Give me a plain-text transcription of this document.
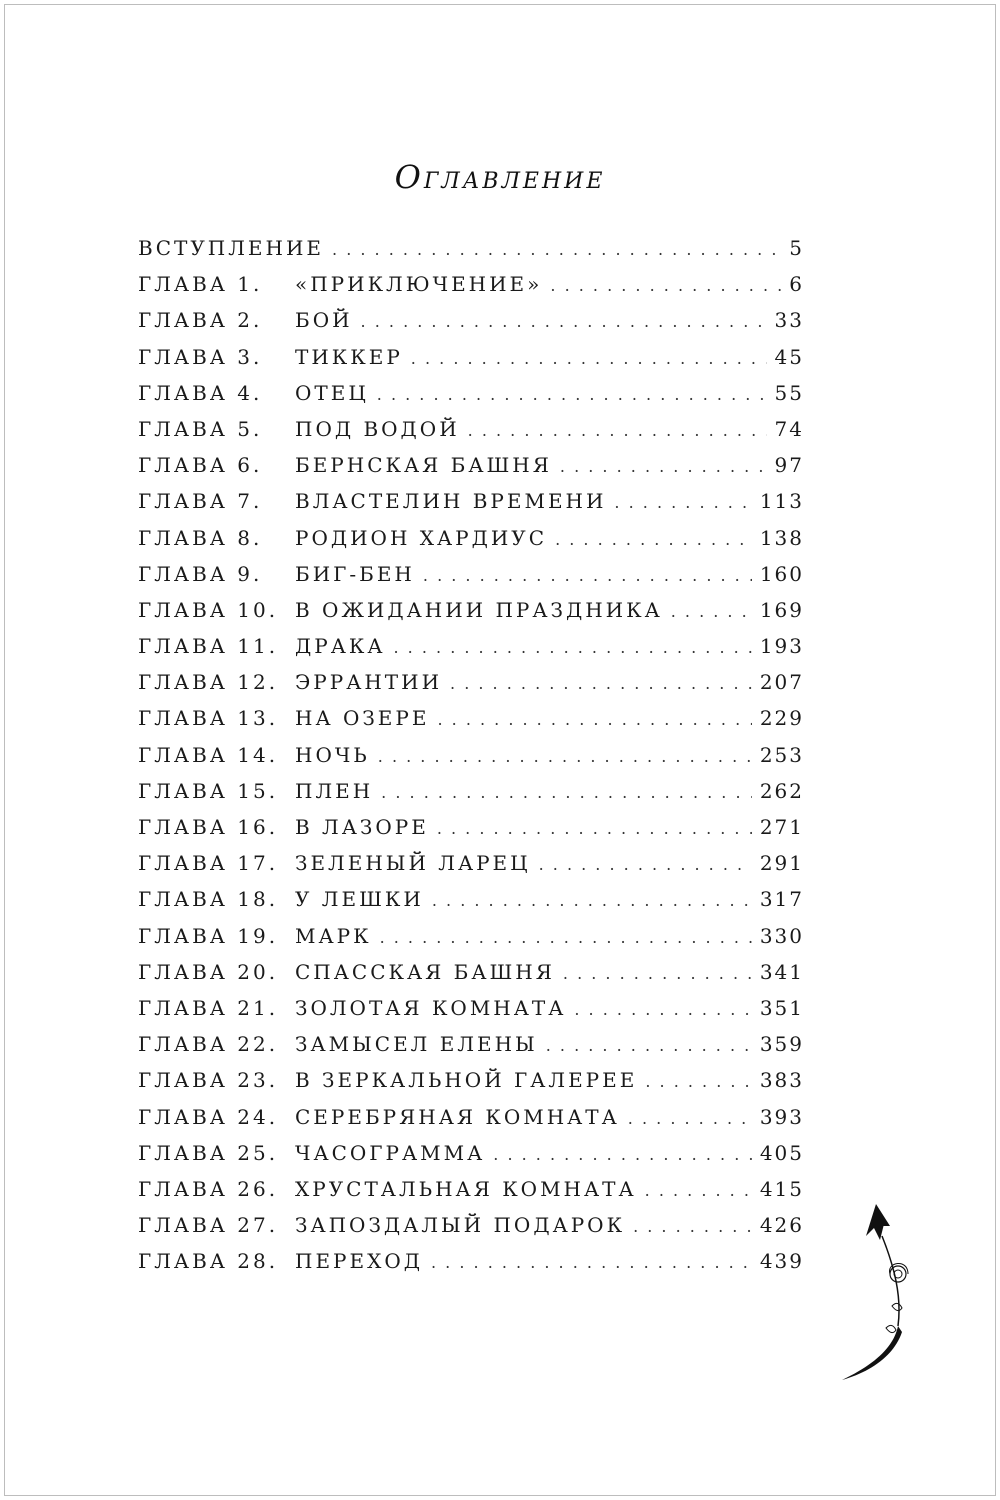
Оглавление
ВСТУПЛЕНИЕ . . .	5
ГЛАВА 1.	«ПРИКЛЮЧЕНИЕ» . . .	6
ГЛАВА 2.	БОЙ . . .	33
ГЛАВА 3.	ТИККЕР . . .	45
ГЛАВА 4.	ОТЕЦ . . .	55
ГЛАВА 5.	ПОД ВОДОЙ . . .	74
ГЛАВА 6.	БЕРНСКАЯ БАШНЯ . . .	97
ГЛАВА 7.	ВЛАСТЕЛИН ВРЕМЕНИ . . .	113
ГЛАВА 8.	РОДИОН ХАРДИУС . . .	138
ГЛАВА 9.	БИГ-БЕН . . .	160
ГЛАВА 10. В ОЖИДАНИИ ПРАЗДНИКА . . .	169
ГЛАВА 11. ДРАКА . . .	193
ГЛАВА 12. ЭРРАНТИИ . . .	207
ГЛАВА 13. НА ОЗЕРЕ . . .	229
ГЛАВА 14. НОЧЬ . . .	253
ГЛАВА 15. ПЛЕН . . .	262
ГЛАВА 16. В ЛАЗОРЕ . . .	271
ГЛАВА 17. ЗЕЛЕНЫЙ ЛАРЕЦ . . .	291
ГЛАВА 18. У ЛЕШКИ . . .	317
ГЛАВА 19. МАРК . . .	330
ГЛАВА 20. СПАССКАЯ БАШНЯ . . .	341
ГЛАВА 21. ЗОЛОТАЯ КОМНАТА . . .	351
ГЛАВА 22. ЗАМЫСЕЛ ЕЛЕНЫ . . .	359
ГЛАВА 23. В ЗЕРКАЛЬНОЙ ГАЛЕРЕЕ . . .	383
ГЛАВА 24. СЕРЕБРЯНАЯ КОМНАТА . . .	393
ГЛАВА 25. ЧАСОГРАММА . . .	405
ГЛАВА 26. ХРУСТАЛЬНАЯ КОМНАТА . . .	415
ГЛАВА 27. ЗАПОЗДАЛЫЙ ПОДАРОК . . .	426
ГЛАВА 28. ПЕРЕХОД . . .	439
